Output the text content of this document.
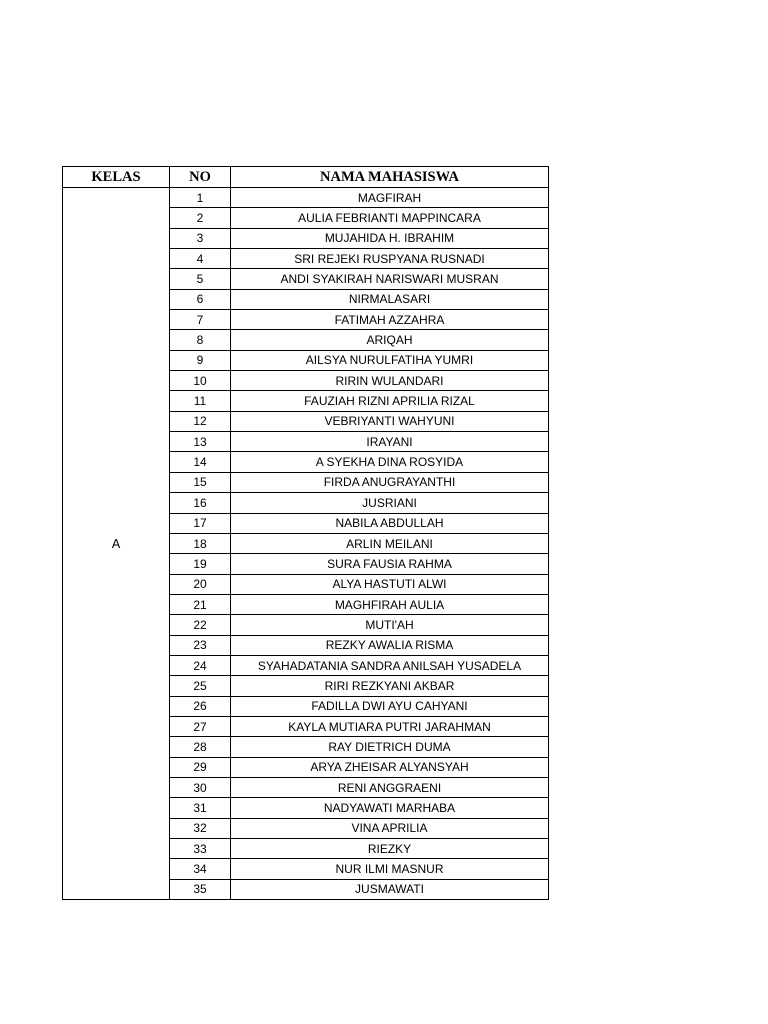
KELAS	NO	NAMA MAHASISWA
A	1	MAGFIRAH
	2	AULIA FEBRIANTI MAPPINCARA
	3	MUJAHIDA H. IBRAHIM
	4	SRI REJEKI RUSPYANA RUSNADI
	5	ANDI SYAKIRAH NARISWARI MUSRAN
	6	NIRMALASARI
	7	FATIMAH AZZAHRA
	8	ARIQAH
	9	AILSYA NURULFATIHA YUMRI
	10	RIRIN WULANDARI
	11	FAUZIAH RIZNI APRILIA RIZAL
	12	VEBRIYANTI WAHYUNI
	13	IRAYANI
	14	A SYEKHA DINA ROSYIDA
	15	FIRDA ANUGRAYANTHI
	16	JUSRIANI
	17	NABILA ABDULLAH
	18	ARLIN MEILANI
	19	SURA FAUSIA RAHMA
	20	ALYA HASTUTI ALWI
	21	MAGHFIRAH AULIA
	22	MUTI'AH
	23	REZKY AWALIA RISMA
	24	SYAHADATANIA SANDRA ANILSAH YUSADELA
	25	RIRI REZKYANI AKBAR
	26	FADILLA DWI AYU CAHYANI
	27	KAYLA MUTIARA PUTRI JARAHMAN
	28	RAY DIETRICH DUMA
	29	ARYA ZHEISAR ALYANSYAH
	30	RENI ANGGRAENI
	31	NADYAWATI MARHABA
	32	VINA APRILIA
	33	RIEZKY
	34	NUR ILMI MASNUR
	35	JUSMAWATI
